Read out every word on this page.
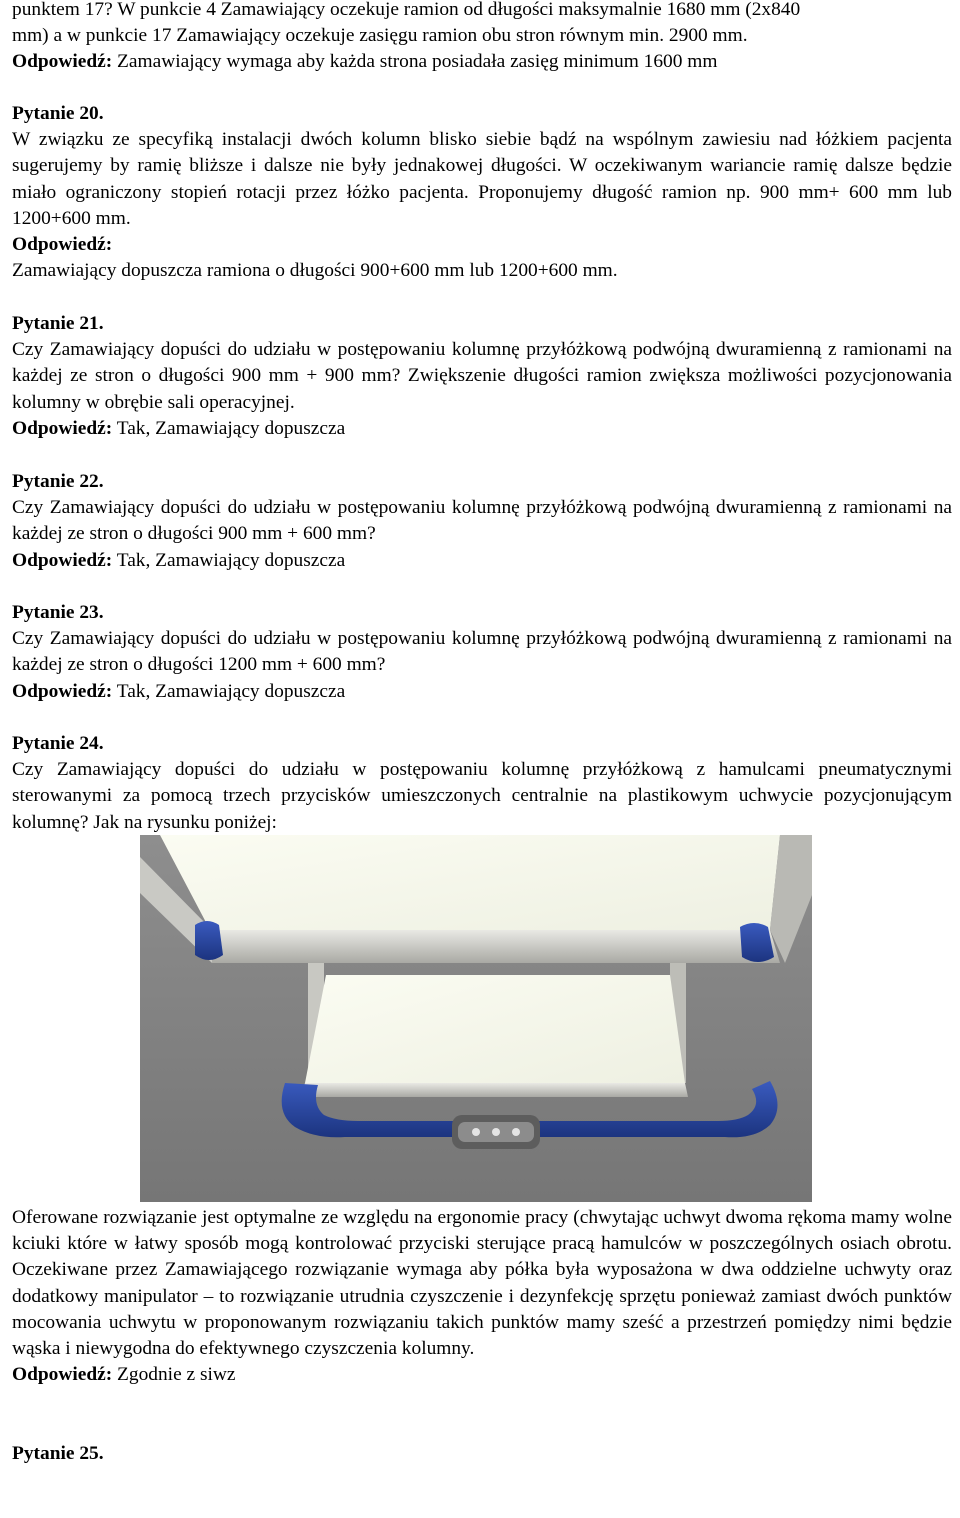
punktem 17? W punkcie 4 Zamawiający oczekuje ramion od długości maksymalnie 1680 mm (2x840

mm) a w punkcie 17 Zamawiający oczekuje zasięgu ramion obu stron równym min. 2900 mm.

Odpowiedź: Zamawiający wymaga aby każda strona posiadała zasięg minimum 1600 mm

Pytanie 20.

W związku ze specyfiką instalacji dwóch kolumn blisko siebie bądź na wspólnym zawiesiu nad łóżkiem pacjenta sugerujemy by ramię bliższe i dalsze nie były jednakowej długości. W oczekiwanym wariancie ramię dalsze będzie miało ograniczony stopień rotacji przez łóżko pacjenta. Proponujemy długość ramion np. 900 mm+ 600 mm lub 1200+600 mm.

Odpowiedź:

Zamawiający dopuszcza ramiona o długości 900+600 mm lub 1200+600 mm.

Pytanie 21.

Czy Zamawiający dopuści do udziału w postępowaniu kolumnę przyłóżkową podwójną dwuramienną z ramionami na każdej ze stron o długości 900 mm + 900 mm? Zwiększenie długości ramion zwiększa możliwości pozycjonowania kolumny w obrębie sali operacyjnej.

Odpowiedź: Tak, Zamawiający dopuszcza

Pytanie 22.

Czy Zamawiający dopuści do udziału w postępowaniu kolumnę przyłóżkową podwójną dwuramienną z ramionami na każdej ze stron o długości 900 mm + 600 mm?

Odpowiedź: Tak, Zamawiający dopuszcza

Pytanie 23.

Czy Zamawiający dopuści do udziału w postępowaniu kolumnę przyłóżkową podwójną dwuramienną z ramionami na każdej ze stron o długości 1200 mm + 600 mm?

Odpowiedź: Tak, Zamawiający dopuszcza

Pytanie 24.

Czy Zamawiający dopuści do udziału w postępowaniu kolumnę przyłóżkową z hamulcami pneumatycznymi sterowanymi za pomocą trzech przycisków umieszczonych centralnie na plastikowym uchwycie pozycjonującym kolumnę? Jak na rysunku poniżej:

Oferowane rozwiązanie jest optymalne ze względu na ergonomie pracy (chwytając uchwyt dwoma rękoma mamy wolne kciuki które w łatwy sposób mogą kontrolować przyciski sterujące pracą hamulców w poszczególnych osiach obrotu. Oczekiwane przez Zamawiającego rozwiązanie wymaga aby półka była wyposażona w dwa oddzielne uchwyty oraz dodatkowy manipulator – to rozwiązanie utrudnia czyszczenie i dezynfekcję sprzętu ponieważ zamiast dwóch punktów mocowania uchwytu w proponowanym rozwiązaniu takich punktów mamy sześć a przestrzeń pomiędzy nimi będzie wąska i niewygodna do efektywnego czyszczenia kolumny.

Odpowiedź: Zgodnie z siwz

Pytanie 25.
